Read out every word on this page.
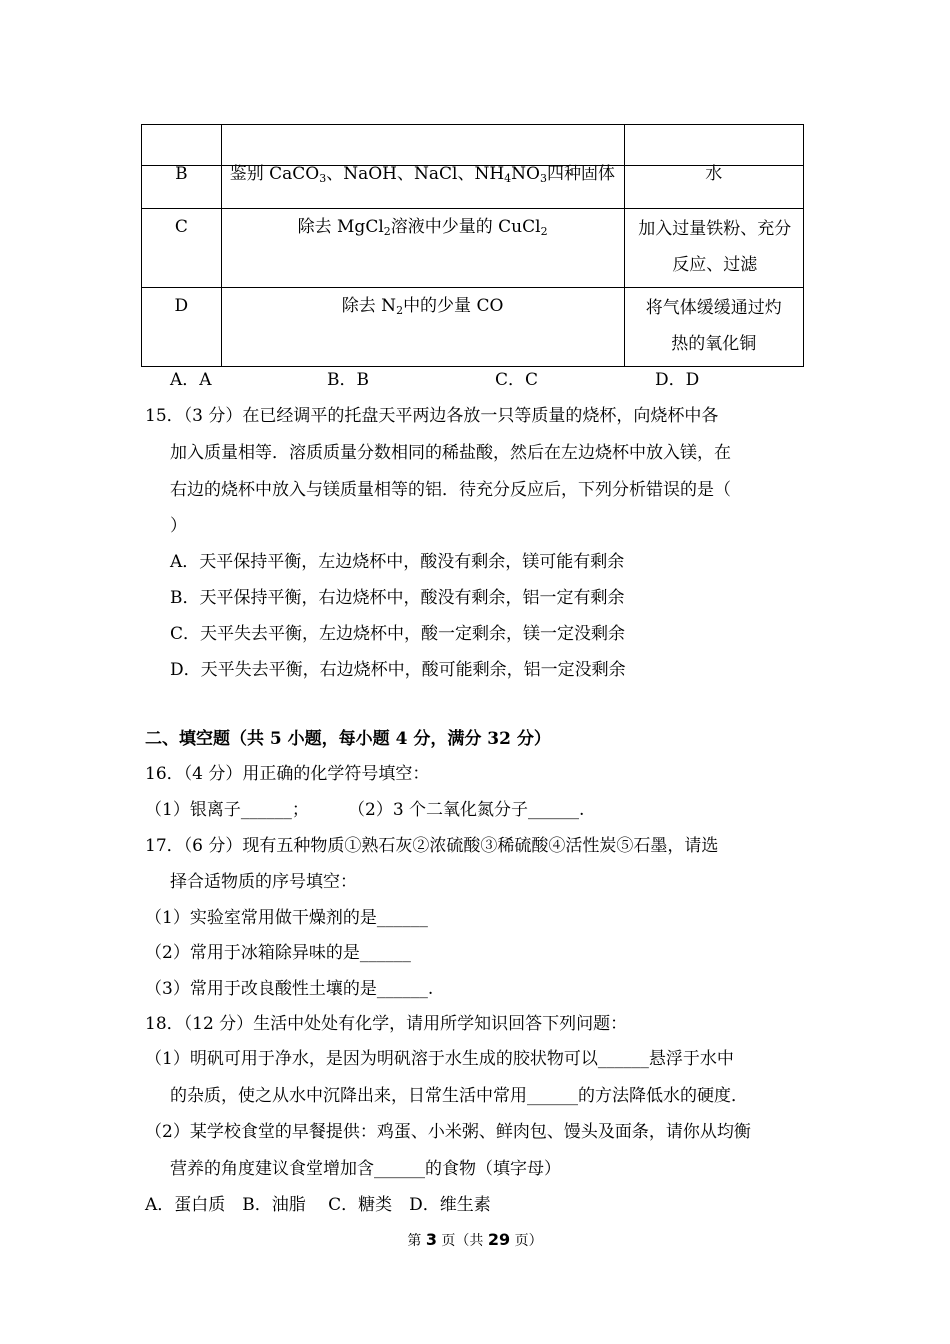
B	鉴别 CaCO$_3$、NaOH、NaCl、$NH_4NO_3$四种固体	水

C	除去 MgCl$_2$溶液中少量的 CuCl$_2$	加入过量铁粉、充分反应、过滤

D	除去 $N_2$中的少量 CO	将气体缓缓通过灼热的氧化铜
A．A	B．B	C．C	D．D
15．（3 分）在已经调平的托盘天平两边各放一只等质量的烧杯，向烧杯中各
加入质量相等．溶质质量分数相同的稀盐酸，然后在左边烧杯中放入镁，在
右边的烧杯中放入与镁质量相等的铝．待充分反应后，下列分析错误的是（
）
A．天平保持平衡，左边烧杯中，酸没有剩余，镁可能有剩余
B．天平保持平衡，右边烧杯中，酸没有剩余，铝一定有剩余
C．天平失去平衡，左边烧杯中，酸一定剩余，镁一定没剩余
D．天平失去平衡，右边烧杯中，酸可能剩余，铝一定没剩余
二、填空题（共 5 小题，每小题 4 分，满分 32 分）
16．（4 分）用正确的化学符号填空：
（1）银离子______； （2）3 个二氧化氮分子______.
17．（6 分）现有五种物质①熟石灰②浓硫酸③稀硫酸④活性炭⑤石墨，请选
择合适物质的序号填空：
（1）实验室常用做干燥剂的是______
（2）常用于冰箱除异味的是______
（3）常用于改良酸性土壤的是______.
18．（12 分）生活中处处有化学，请用所学知识回答下列问题：
（1）明矾可用于净水，是因为明矾溶于水生成的胶状物可以______悬浮于水中
的杂质，使之从水中沉降出来，日常生活中常用______的方法降低水的硬度．
（2）某学校食堂的早餐提供：鸡蛋、小米粥、鲜肉包、馒头及面条，请你从均衡
营养的角度建议食堂增加含______的食物（填字母）
A．蛋白质　B．油脂　 C．糖类　D．维生素
第 3 页（共 29 页）
